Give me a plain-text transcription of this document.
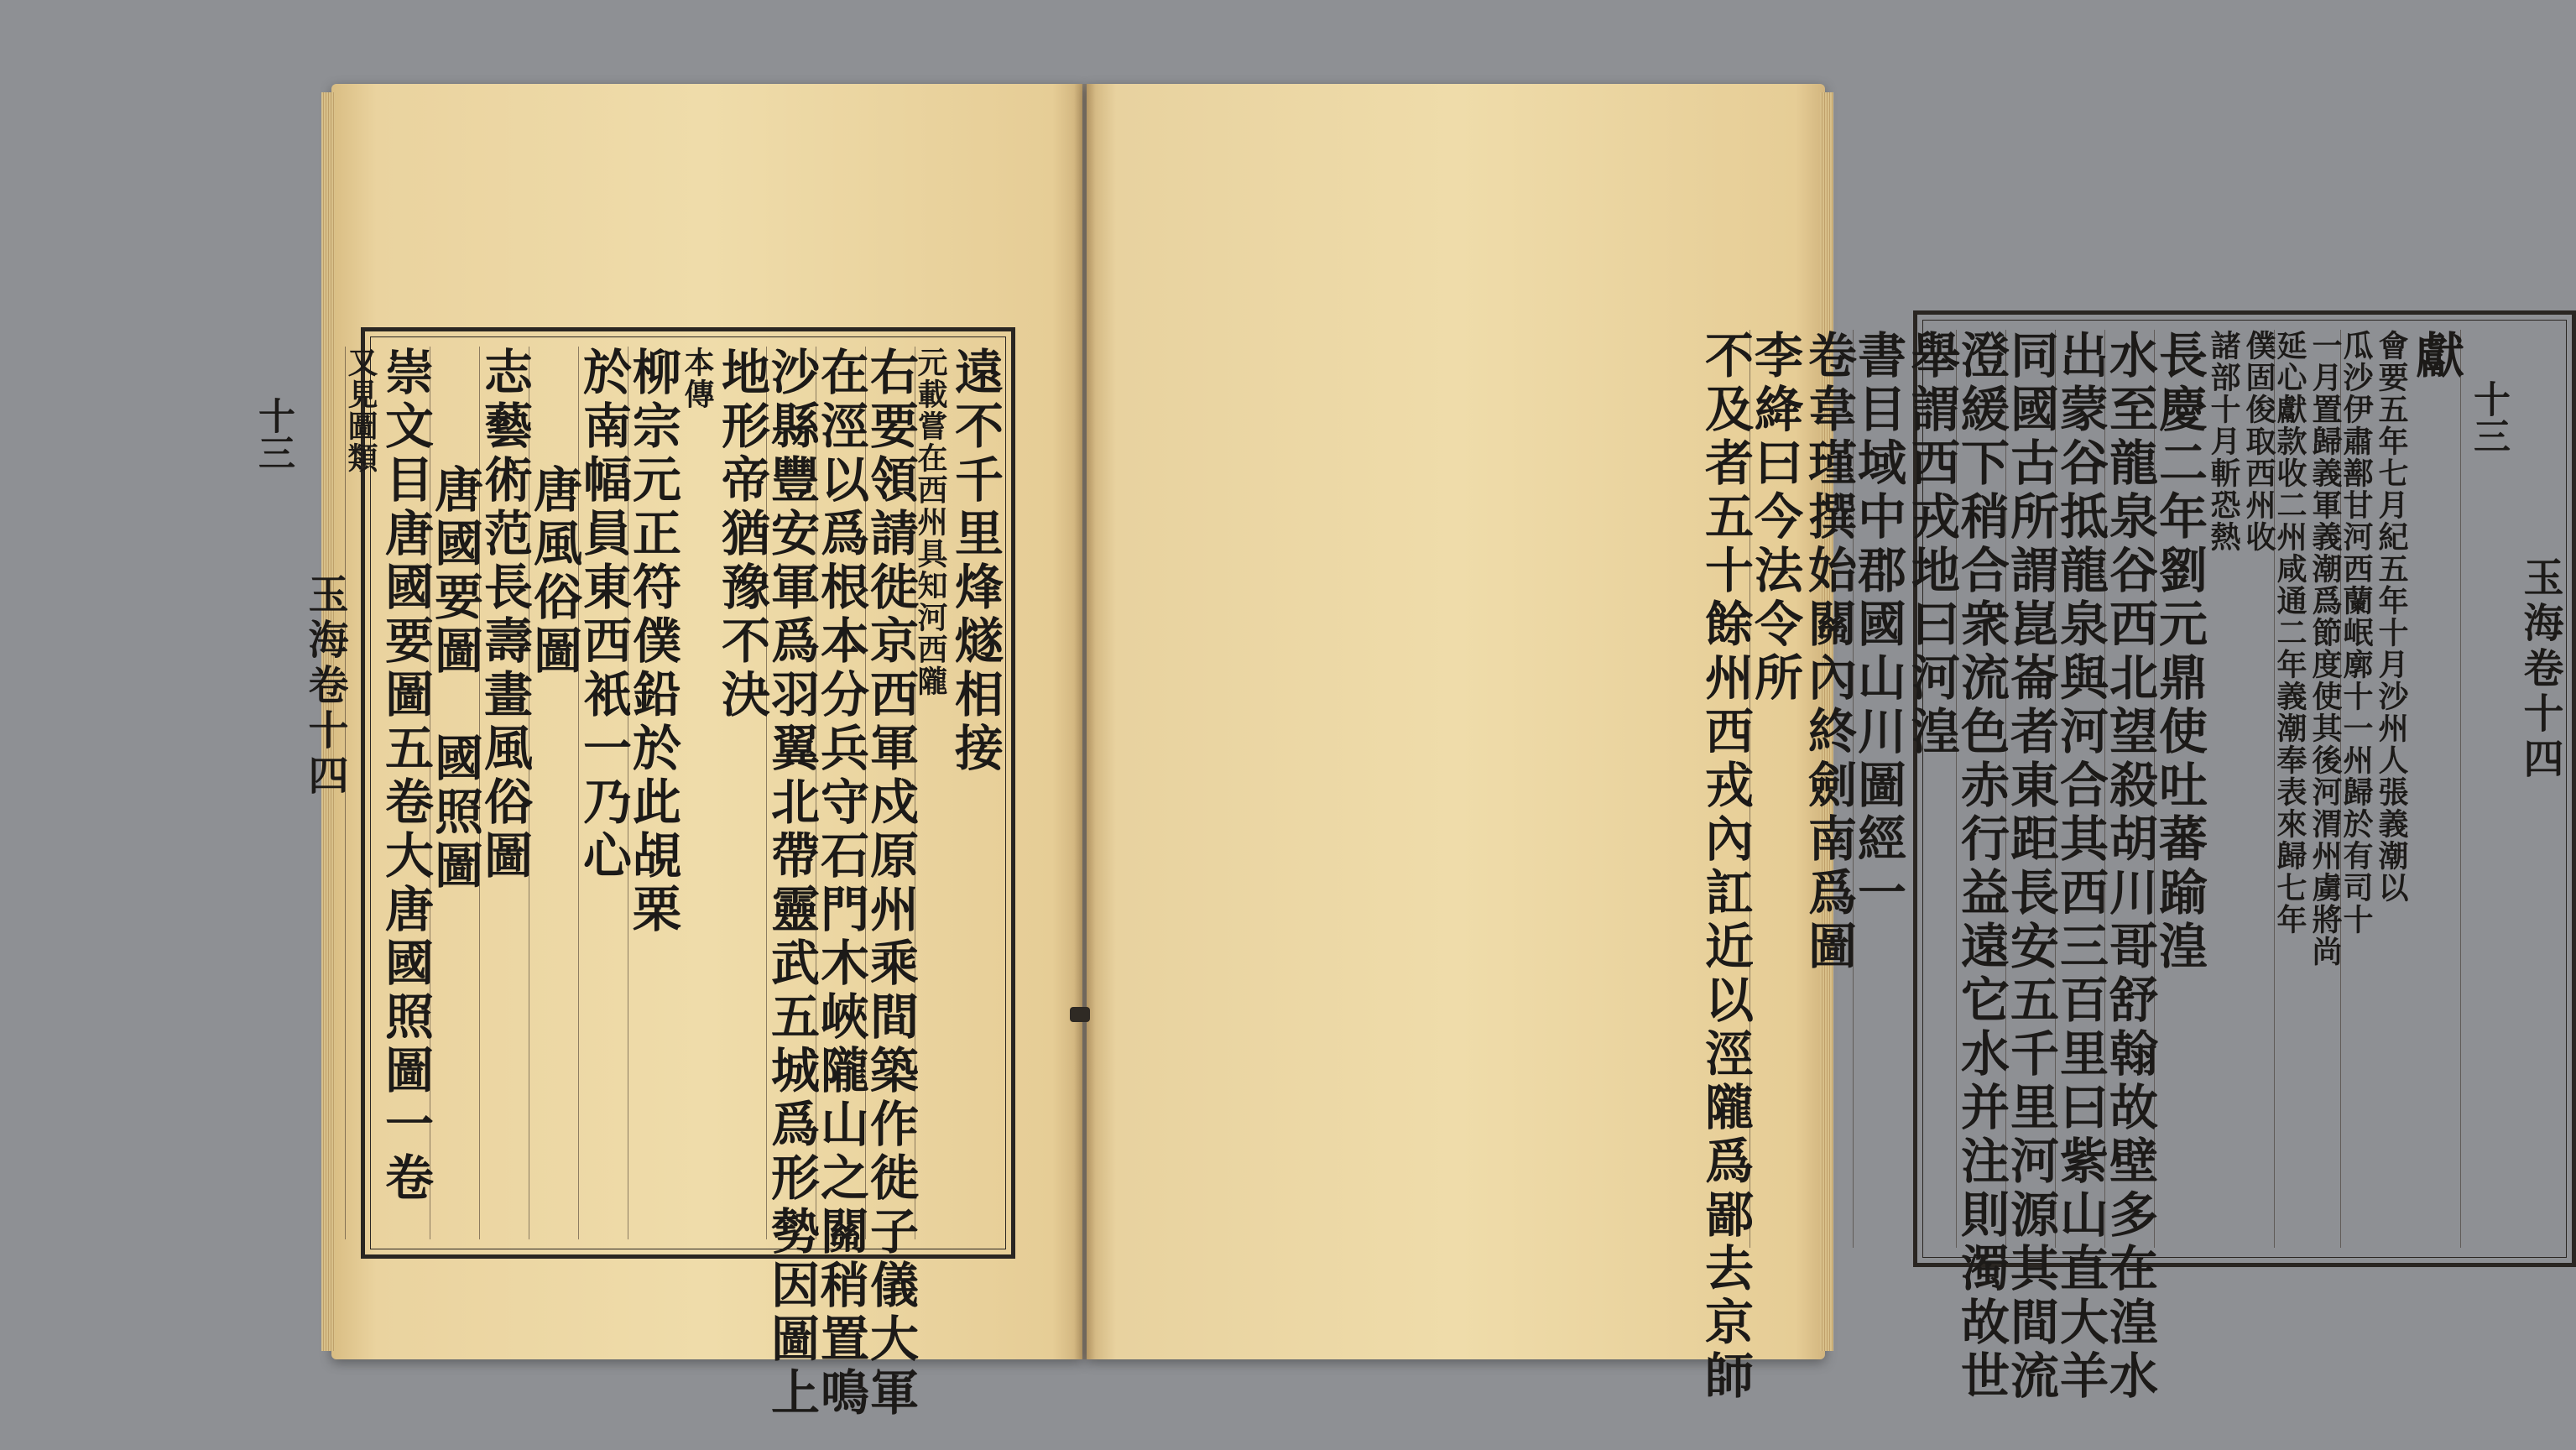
遠不千里烽燧相接
元載嘗在西州具知河西隴
右要領請徙京西軍戍原州乘間築作徙子儀大軍
在涇以爲根本分兵守石門木峽隴山之關稍置鳴
沙縣豐安軍爲羽翼北帶靈武五城爲形勢因圖上
地形帝猶豫不決
本傳
柳宗元正符僕鉛於此覘栗
於南幅員東西衹一乃心
唐風俗圖
志藝術范長壽畫風俗圖
唐國要圖　國照圖
崇文目唐國要圖五卷大唐國照圖一卷
又見圖類
玉海卷十四
十三
玉海卷十四
十三
獻
會要五年七月紀五年十月沙州人張義潮以
瓜沙伊肅鄯甘河西蘭岷廓十一州歸於有司十
一月置歸義軍義潮爲節度使其後河渭州虜將尚
延心獻款收二州咸通二年義潮奉表來歸七年
僕固俊取西州收
諸部十月斬恐熱
長慶二年劉元鼎使吐蕃踰湟
水至龍泉谷西北望殺胡川哥舒翰故壁多在湟水
出蒙谷抵龍泉與河合其西三百里曰紫山直大羊
同國古所謂崑崙者東距長安五千里河源其間流
澄緩下稍合衆流色赤行益遠它水并注則濁故世
舉謂西戎地曰河湟
書目域中郡國山川圖經一
卷韋瑾撰始關內終劍南爲圖
李絳曰今法令所
不及者五十餘州西戎內訌近以涇隴爲鄙去京師
